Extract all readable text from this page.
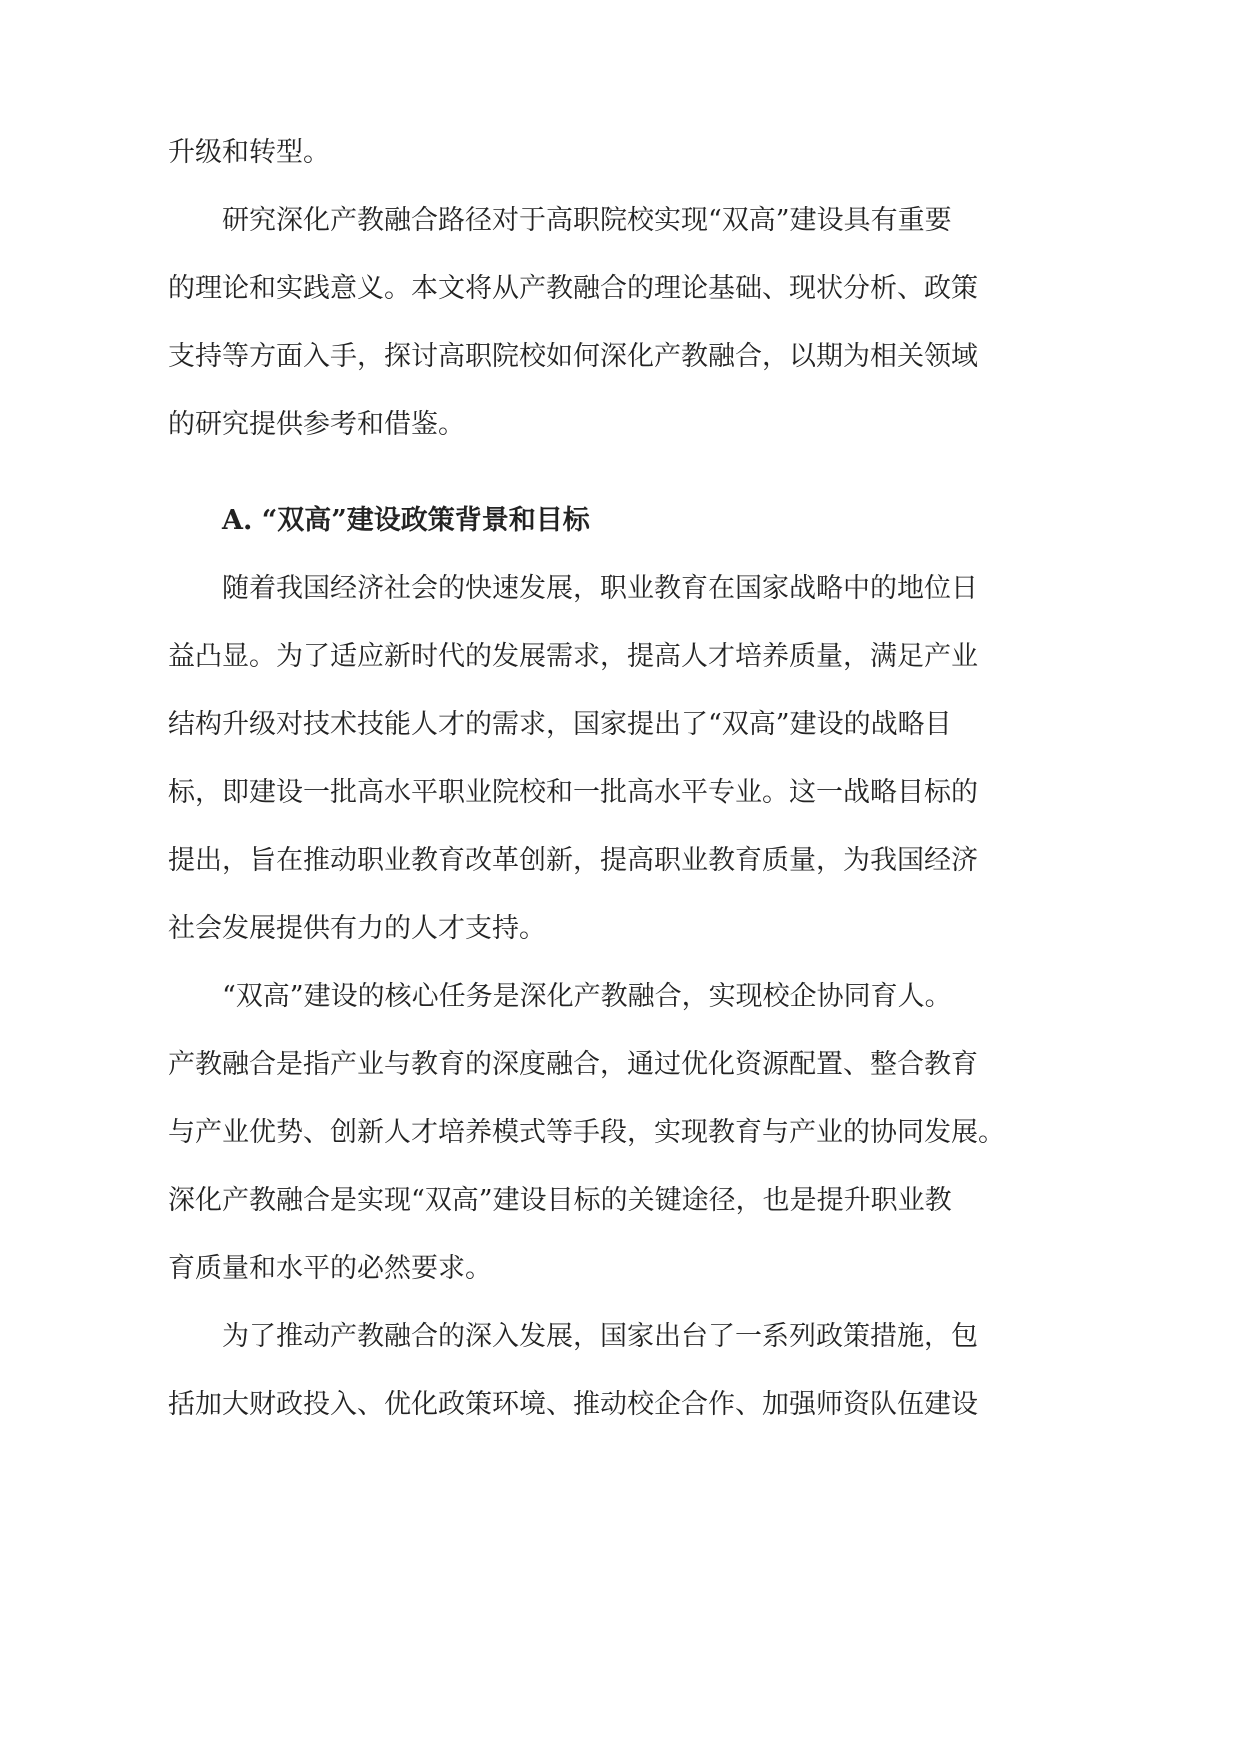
升级和转型。
研究深化产教融合路径对于高职院校实现“双高”建设具有重要
的理论和实践意义。本文将从产教融合的理论基础、现状分析、政策
支持等方面入手，探讨高职院校如何深化产教融合，以期为相关领域
的研究提供参考和借鉴。
A. “双高”建设政策背景和目标
随着我国经济社会的快速发展，职业教育在国家战略中的地位日
益凸显。为了适应新时代的发展需求，提高人才培养质量，满足产业
结构升级对技术技能人才的需求，国家提出了“双高”建设的战略目
标，即建设一批高水平职业院校和一批高水平专业。这一战略目标的
提出，旨在推动职业教育改革创新，提高职业教育质量，为我国经济
社会发展提供有力的人才支持。
“双高”建设的核心任务是深化产教融合，实现校企协同育人。
产教融合是指产业与教育的深度融合，通过优化资源配置、整合教育
与产业优势、创新人才培养模式等手段，实现教育与产业的协同发展。
深化产教融合是实现“双高”建设目标的关键途径，也是提升职业教
育质量和水平的必然要求。
为了推动产教融合的深入发展，国家出台了一系列政策措施，包
括加大财政投入、优化政策环境、推动校企合作、加强师资队伍建设
